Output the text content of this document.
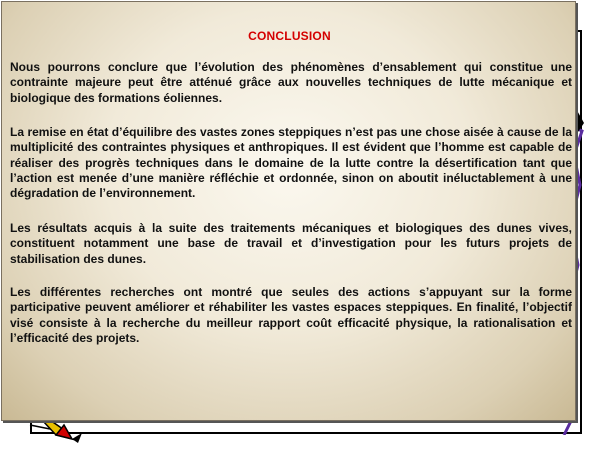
CONCLUSION

Nous pourrons conclure que l’évolution des phénomènes d’ensablement qui constitue une contrainte majeure peut être atténué grâce aux nouvelles techniques de lutte mécanique et biologique des formations éoliennes.

La remise en état d’équilibre des vastes zones steppiques n’est pas une chose aisée à cause de la multiplicité des contraintes physiques et anthropiques. Il est évident que l’homme est capable de réaliser des progrès techniques dans le domaine de la lutte contre la désertification tant que l’action est menée d’une manière réfléchie et ordonnée, sinon on aboutit inéluctablement à une dégradation de l’environnement.

Les résultats acquis à la suite des traitements mécaniques et biologiques des dunes vives, constituent notamment une base de travail et d’investigation pour les futurs projets de stabilisation des dunes.

Les différentes recherches ont montré que seules des actions s’appuyant sur la forme participative peuvent améliorer et réhabiliter les vastes espaces steppiques. En finalité, l’objectif visé consiste à la recherche du meilleur rapport coût efficacité physique, la rationalisation et l’efficacité des projets.
